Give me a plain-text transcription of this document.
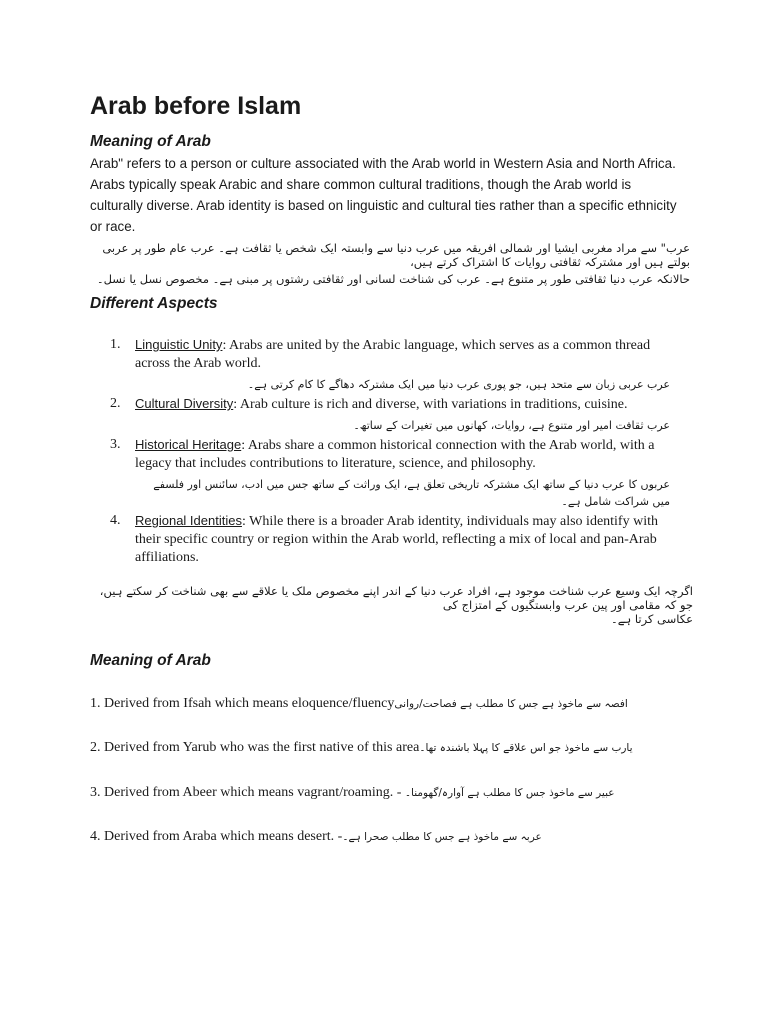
Arab before Islam
Meaning of Arab

Arab" refers to a person or culture associated with the Arab world in Western Asia and North Africa. Arabs typically speak Arabic and share common cultural traditions, though the Arab world is culturally diverse. Arab identity is based on linguistic and cultural ties rather than a specific ethnicity or race.

عرب" سے مراد مغربی ایشیا اور شمالی افریقہ میں عرب دنیا سے وابستہ ایک شخص یا ثقافت ہے۔ عرب عام طور پر عربی بولتے ہیں اور مشترکہ ثقافتی روایات کا اشتراک کرتے ہیں،

حالانکہ عرب دنیا ثقافتی طور پر متنوع ہے۔ عرب کی شناخت لسانی اور ثقافتی رشتوں پر مبنی ہے۔ مخصوص نسل یا نسل۔

Different Aspects
1. Linguistic Unity: Arabs are united by the Arabic language, which serves as a common thread across the Arab world.

عرب عربی زبان سے متحد ہیں، جو پوری عرب دنیا میں ایک مشترکہ دھاگے کا کام کرتی ہے۔

2. Cultural Diversity: Arab culture is rich and diverse, with variations in traditions, cuisine.

عرب ثقافت امیر اور متنوع ہے، روایات، کھانوں میں تغیرات کے ساتھ۔

3. Historical Heritage: Arabs share a common historical connection with the Arab world, with a legacy that includes contributions to literature, science, and philosophy.

عربوں کا عرب دنیا کے ساتھ ایک مشترکہ تاریخی تعلق ہے، ایک وراثت کے ساتھ جس میں ادب، سائنس اور فلسفے میں شراکت شامل ہے۔

4. Regional Identities: While there is a broader Arab identity, individuals may also identify with their specific country or region within the Arab world, reflecting a mix of local and pan-Arab affiliations.

اگرچہ ایک وسیع عرب شناخت موجود ہے، افراد عرب دنیا کے اندر اپنے مخصوص ملک یا علاقے سے بھی شناخت کر سکتے ہیں، جو کہ مقامی اور پین عرب وابستگیوں کے امتزاج کی

عکاسی کرتا ہے۔

Meaning of Arab

1. Derived from Ifsah which means eloquence/fluencyافصہ سے ماخوذ ہے جس کا مطلب ہے فصاحت/روانی

2. Derived from Yarub who was the first native of this areaیارب سے ماخوذ جو اس علاقے کا پہلا باشندہ تھا۔

3. Derived from Abeer which means vagrant/roaming. - عبیر سے ماخوذ جس کا مطلب ہے آوارہ/گھومنا۔

4. Derived from Araba which means desert. -عربہ سے ماخوذ ہے جس کا مطلب صحرا ہے۔
